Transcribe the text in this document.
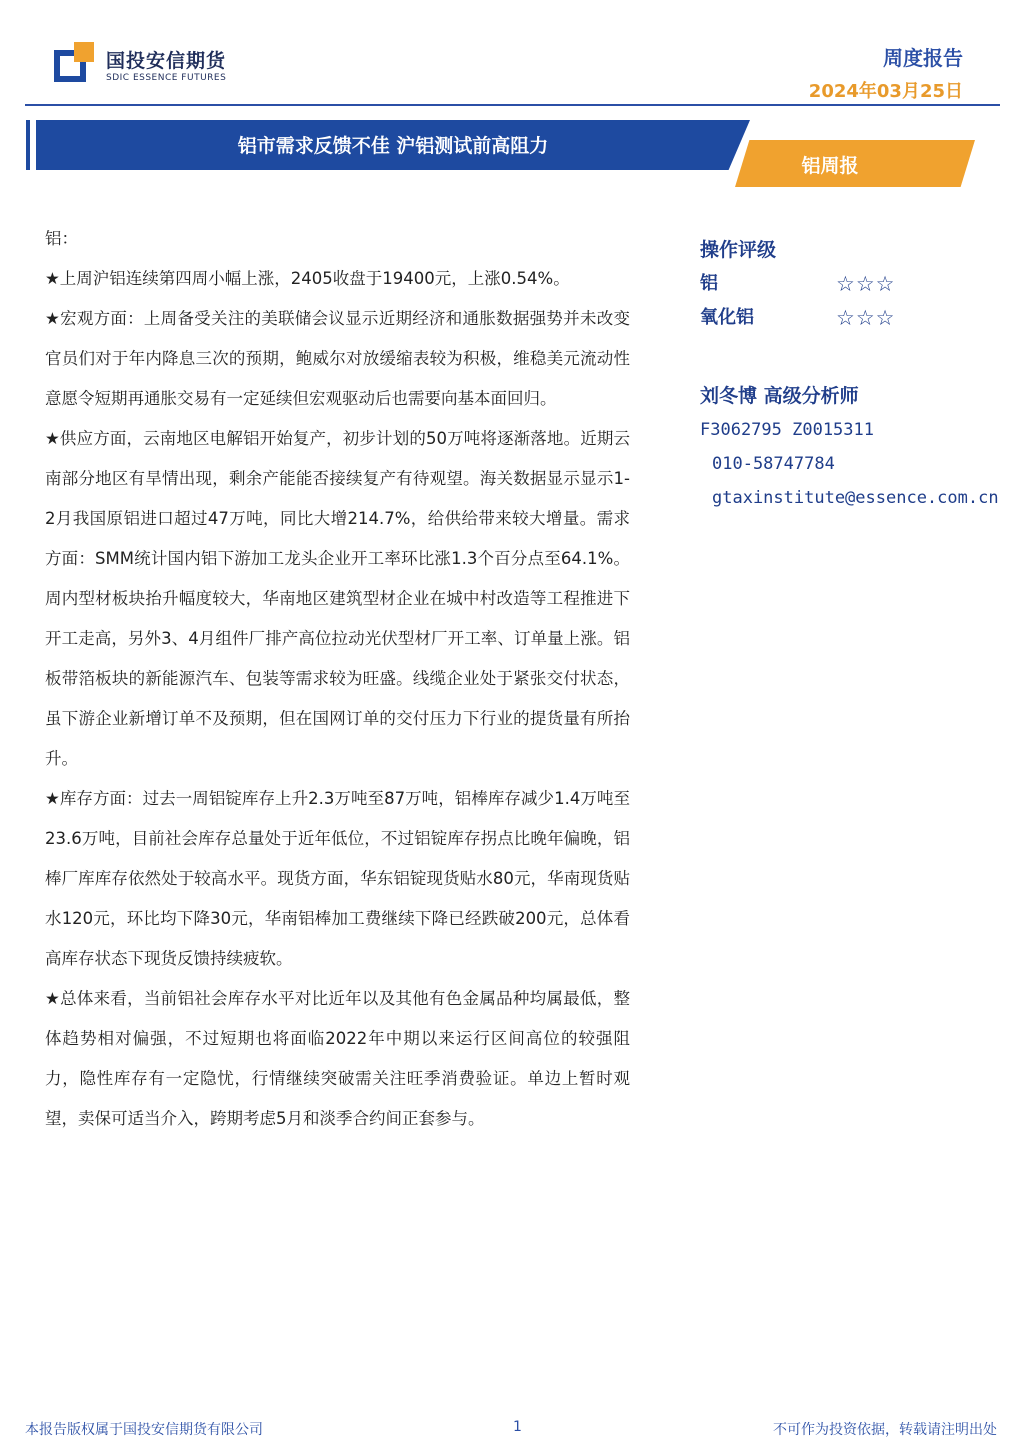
国投安信期货
SDIC ESSENCE FUTURES
周度报告
2024年03月25日
铝市需求反馈不佳 沪铝测试前高阻力
铝周报

铝：

★上周沪铝连续第四周小幅上涨，2405收盘于19400元，上涨0.54%。

★宏观方面：上周备受关注的美联储会议显示近期经济和通胀数据强势并未改变官员们对于年内降息三次的预期，鲍威尔对放缓缩表较为积极，维稳美元流动性意愿令短期再通胀交易有一定延续但宏观驱动后也需要向基本面回归。

★供应方面，云南地区电解铝开始复产，初步计划的50万吨将逐渐落地。近期云南部分地区有旱情出现，剩余产能能否接续复产有待观望。海关数据显示显示1-2月我国原铝进口超过47万吨，同比大增214.7%，给供给带来较大增量。需求方面：SMM统计国内铝下游加工龙头企业开工率环比涨1.3个百分点至64.1%。周内型材板块抬升幅度较大，华南地区建筑型材企业在城中村改造等工程推进下开工走高，另外3、4月组件厂排产高位拉动光伏型材厂开工率、订单量上涨。铝板带箔板块的新能源汽车、包装等需求较为旺盛。线缆企业处于紧张交付状态，虽下游企业新增订单不及预期，但在国网订单的交付压力下行业的提货量有所抬升。

★库存方面：过去一周铝锭库存上升2.3万吨至87万吨，铝棒库存减少1.4万吨至23.6万吨，目前社会库存总量处于近年低位，不过铝锭库存拐点比晚年偏晚，铝棒厂库库存依然处于较高水平。现货方面，华东铝锭现货贴水80元，华南现货贴水120元，环比均下降30元，华南铝棒加工费继续下降已经跌破200元，总体看高库存状态下现货反馈持续疲软。

★总体来看，当前铝社会库存水平对比近年以及其他有色金属品种均属最低，整体趋势相对偏强，不过短期也将面临2022年中期以来运行区间高位的较强阻力，隐性库存有一定隐忧，行情继续突破需关注旺季消费验证。单边上暂时观望，卖保可适当介入，跨期考虑5月和淡季合约间正套参与。

操作评级
铝	☆☆☆
氧化铝	☆☆☆
刘冬博 高级分析师
F3062795 Z0015311
010-58747784
gtaxinstitute@essence.com.cn
本报告版权属于国投安信期货有限公司	1	不可作为投资依据，转载请注明出处
